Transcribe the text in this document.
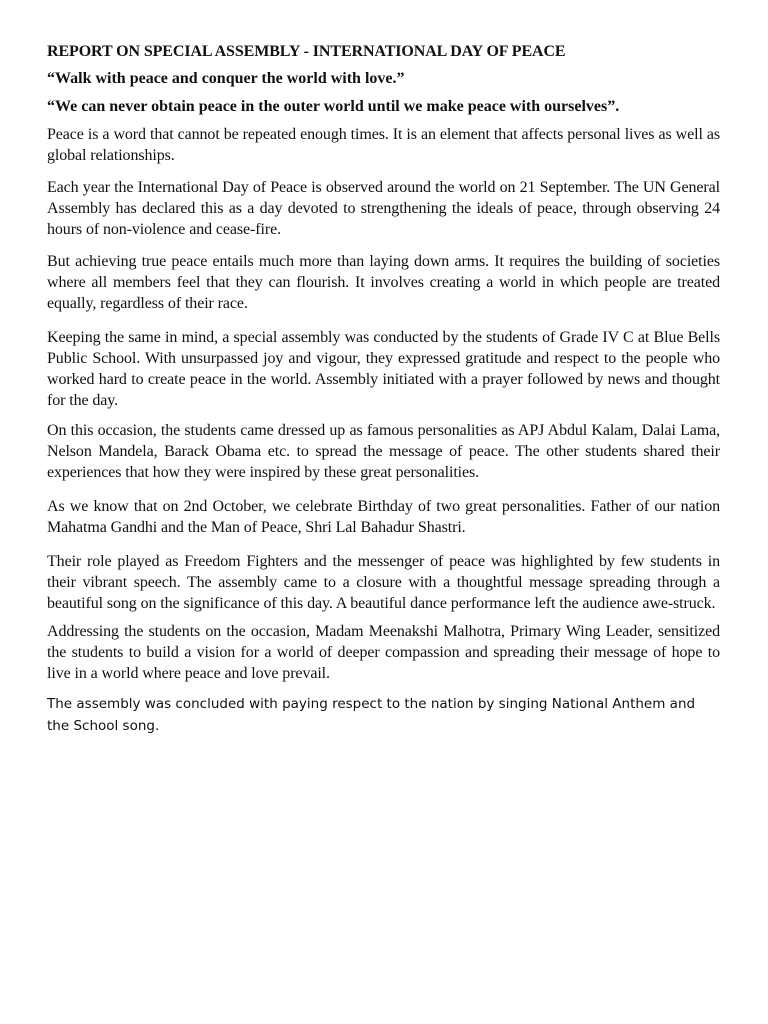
REPORT ON SPECIAL ASSEMBLY - INTERNATIONAL DAY OF PEACE
“Walk with peace and conquer the world with love.”
“We can never obtain peace in the outer world until we make peace with ourselves”.

Peace is a word that cannot be repeated enough times. It is an element that affects personal lives as well as global relationships.

Each year the International Day of Peace is observed around the world on 21 September. The UN General Assembly has declared this as a day devoted to strengthening the ideals of peace, through observing 24 hours of non-violence and cease-fire.

But achieving true peace entails much more than laying down arms. It requires the building of societies where all members feel that they can flourish. It involves creating a world in which people are treated equally, regardless of their race.

Keeping the same in mind, a special assembly was conducted by the students of Grade IV C at Blue Bells Public School. With unsurpassed joy and vigour, they expressed gratitude and respect to the people who worked hard to create peace in the world. Assembly initiated with a prayer followed by news and thought for the day.

On this occasion, the students came dressed up as famous personalities as APJ Abdul Kalam, Dalai Lama, Nelson Mandela, Barack Obama etc. to spread the message of peace. The other students shared their experiences that how they were inspired by these great personalities.

As we know that on 2nd October, we celebrate Birthday of two great personalities. Father of our nation Mahatma Gandhi and the Man of Peace, Shri Lal Bahadur Shastri.

Their role played as Freedom Fighters and the messenger of peace was highlighted by few students in their vibrant speech. The assembly came to a closure with a thoughtful message spreading through a beautiful song on the significance of this day. A beautiful dance performance left the audience awe-struck.

Addressing the students on the occasion, Madam Meenakshi Malhotra, Primary Wing Leader, sensitized the students to build a vision for a world of deeper compassion and spreading their message of hope to live in a world where peace and love prevail.

The assembly was concluded with paying respect to the nation by singing National Anthem and the School song.
